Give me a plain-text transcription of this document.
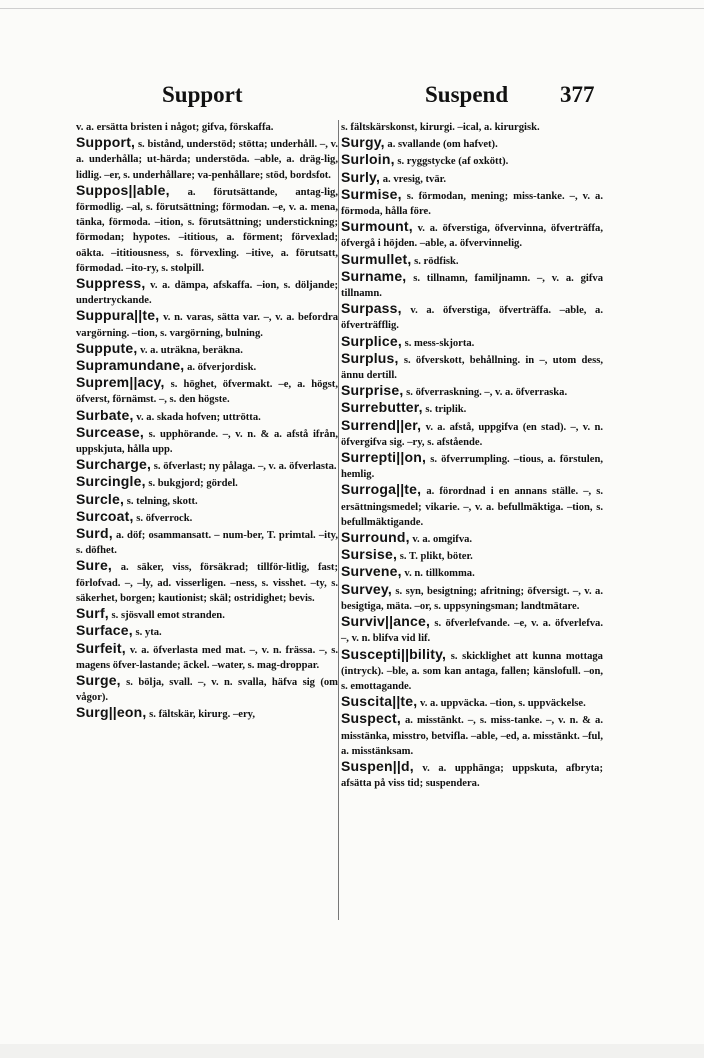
Support	Suspend 377

v. a. ersätta bristen i något; gifva, förskaffa.

Support, s. bistånd, understöd; stötta; underhåll. –, v. a. underhålla; ut-härda; understöda. –able, a. dräg-lig, lidlig. –er, s. underhållare; va-penhållare; stöd, bordsfot.

Suppos||able, a. förutsättande, antag-lig, förmodlig. –al, s. förutsättning; förmodan. –e, v. a. mena, tänka, förmoda. –ition, s. förutsättning; understickning; förmodan; hypotes. –ititious, a. förment; förvexlad; oäkta. –ititiousness, s. förvexling. –itive, a. förutsatt, förmodad. –ito-ry, s. stolpill.

Suppress, v. a. dämpa, afskaffa. –ion, s. döljande; undertryckande.

Suppura||te, v. n. varas, sätta var. –, v. a. befordra vargörning. –tion, s. vargörning, bulning.

Suppute, v. a. uträkna, beräkna.

Supramundane, a. öfverjordisk.

Suprem||acy, s. höghet, öfvermakt. –e, a. högst, öfverst, förnämst. –, s. den högste.

Surbate, v. a. skada hofven; uttrötta.

Surcease, s. upphörande. –, v. n. & a. afstå ifrån, uppskjuta, hålla upp.

Surcharge, s. öfverlast; ny pålaga. –, v. a. öfverlasta.

Surcingle, s. bukgjord; gördel.

Surcle, s. telning, skott.

Surcoat, s. öfverrock.

Surd, a. döf; osammansatt. – num-ber, T. primtal. –ity, s. döfhet.

Sure, a. säker, viss, försäkrad; tillför-litlig, fast; förlofvad. –, –ly, ad. visserligen. –ness, s. visshet. –ty, s. säkerhet, borgen; kautionist; skäl; ostridighet; bevis.

Surf, s. sjösvall emot stranden.

Surface, s. yta.

Surfeit, v. a. öfverlasta med mat. –, v. n. frässa. –, s. magens öfver-lastande; äckel. –water, s. mag-droppar.

Surge, s. bölja, svall. –, v. n. svalla, häfva sig (om vågor).

Surg||eon, s. fältskär, kirurg. –ery,

s. fältskärskonst, kirurgi. –ical, a. kirurgisk.

Surgy, a. svallande (om hafvet).

Surloin, s. ryggstycke (af oxkött).

Surly, a. vresig, tvär.

Surmise, s. förmodan, mening; miss-tanke. –, v. a. förmoda, hålla före.

Surmount, v. a. öfverstiga, öfvervinna, öfverträffa, öfvergå i höjden. –able, a. öfvervinnelig.

Surmullet, s. rödfisk.

Surname, s. tillnamn, familjnamn. –, v. a. gifva tillnamn.

Surpass, v. a. öfverstiga, öfverträffa. –able, a. öfverträfflig.

Surplice, s. mess-skjorta.

Surplus, s. öfverskott, behållning. in –, utom dess, ännu dertill.

Surprise, s. öfverraskning. –, v. a. öfverraska.

Surrebutter, s. triplik.

Surrend||er, v. a. afstå, uppgifva (en stad). –, v. n. öfvergifva sig. –ry, s. afstående.

Surrepti||on, s. öfverrumpling. –tious, a. förstulen, hemlig.

Surroga||te, a. förordnad i en annans ställe. –, s. ersättningsmedel; vikarie. –, v. a. befullmäktiga. –tion, s. befullmäktigande.

Surround, v. a. omgifva.

Sursise, s. T. plikt, böter.

Survene, v. n. tillkomma.

Survey, s. syn, besigtning; afritning; öfversigt. –, v. a. besigtiga, mäta. –or, s. uppsyningsman; landtmätare.

Surviv||ance, s. öfverlefvande. –e, v. a. öfverlefva. –, v. n. blifva vid lif.

Suscepti||bility, s. skicklighet att kunna mottaga (intryck). –ble, a. som kan antaga, fallen; känslofull. –on, s. emottagande.

Suscita||te, v. a. uppväcka. –tion, s. uppväckelse.

Suspect, a. misstänkt. –, s. miss-tanke. –, v. n. & a. misstänka, misstro, betvifla. –able, –ed, a. misstänkt. –ful, a. misstänksam.

Suspen||d, v. a. upphänga; uppskuta, afbryta; afsätta på viss tid; suspendera.
